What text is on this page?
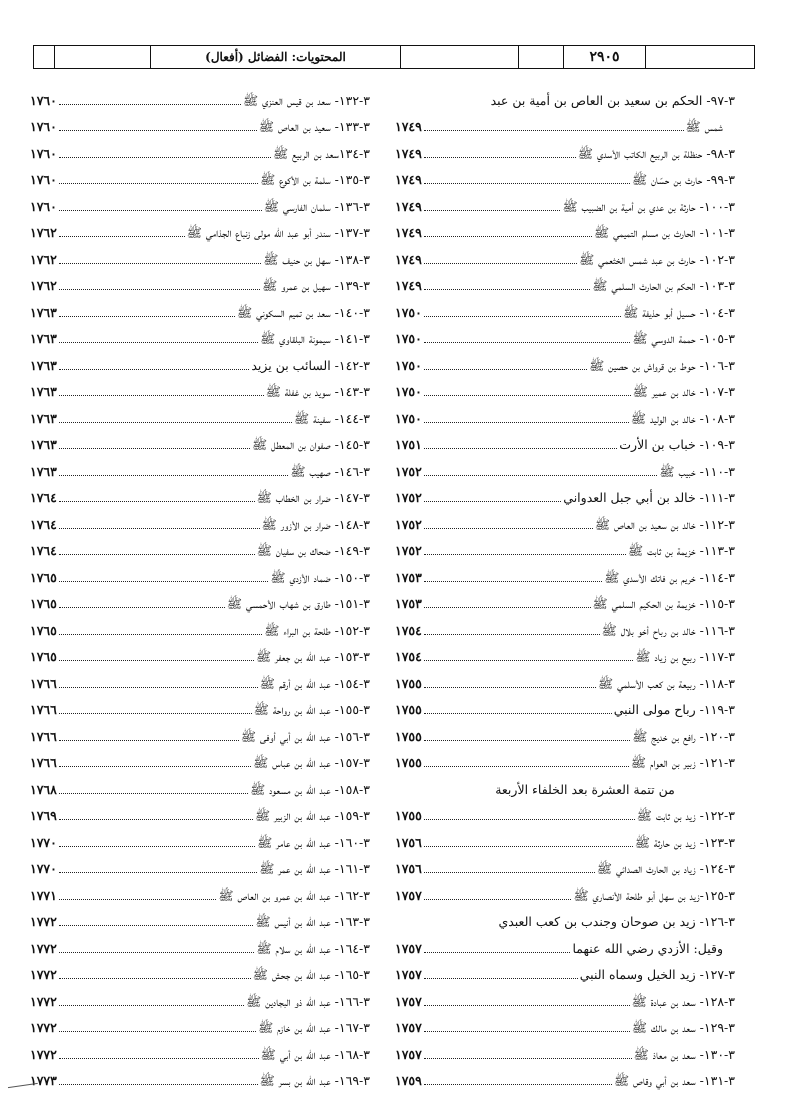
٢٩٠٥
المحتويات: الفضائل (أفعال)
٣-٩٧- الحكم بن سعيد بن العاص بن أمية بن عبد
شمس ﷺ
١٧٤٩
٣-٩٨- حنظلة بن الربيع الكاتب الأسدي ﷺ
١٧٤٩
٣-٩٩- حارث بن حسّان ﷺ
١٧٤٩
٣-١٠٠- حارثة بن عدي بن أمية بن الضبيب ﷺ
١٧٤٩
٣-١٠١- الحارث بن مسلم التميمي ﷺ
١٧٤٩
٣-١٠٢- حارث بن عبد شمس الخثعمي ﷺ
١٧٤٩
٣-١٠٣- الحكم بن الحارث السلمي ﷺ
١٧٤٩
٣-١٠٤- حسيل أبو حذيفة ﷺ
١٧٥٠
٣-١٠٥- حممة الدوسي ﷺ
١٧٥٠
٣-١٠٦- حوط بن قرواش بن حصين ﷺ
١٧٥٠
٣-١٠٧- خالد بن عمير ﷺ
١٧٥٠
٣-١٠٨- خالد بن الوليد ﷺ
١٧٥٠
٣-١٠٩- خباب بن الأرت
١٧٥١
٣-١١٠- خبيب ﷺ
١٧٥٢
٣-١١١- خالد بن أبي جبل العدواني
١٧٥٢
٣-١١٢- خالد بن سعيد بن العاص ﷺ
١٧٥٢
٣-١١٣- خزيمة بن ثابت ﷺ
١٧٥٢
٣-١١٤- خريم بن فاتك الأسدي ﷺ
١٧٥٣
٣-١١٥- خزيمة بن الحكيم السلمي ﷺ
١٧٥٣
٣-١١٦- خالد بن رباح أخو بلال ﷺ
١٧٥٤
٣-١١٧- ربيع بن زياد ﷺ
١٧٥٤
٣-١١٨- ربيعة بن كعب الأسلمي ﷺ
١٧٥٥
٣-١١٩- رباح مولى النبي
١٧٥٥
٣-١٢٠- رافع بن خديج ﷺ
١٧٥٥
٣-١٢١- زبير بن العوام ﷺ
١٧٥٥
من تتمة العشرة بعد الخلفاء الأربعة
٣-١٢٢- زيد بن ثابت ﷺ
١٧٥٥
٣-١٢٣- زيد بن حارثة ﷺ
١٧٥٦
٣-١٢٤- زياد بن الحارث الصدائي ﷺ
١٧٥٦
٣-١٢٥-زيد بن سهل أبو طلحة الأنصاري ﷺ
١٧٥٧
٣-١٢٦- زيد بن صوحان وجندب بن كعب العبدي
وقيل: الأزدي رضي الله عنهما
١٧٥٧
٣-١٢٧- زيد الخيل وسماه النبي
١٧٥٧
٣-١٢٨- سعد بن عبادة ﷺ
١٧٥٧
٣-١٢٩- سعد بن مالك ﷺ
١٧٥٧
٣-١٣٠- سعد بن معاذ ﷺ
١٧٥٧
٣-١٣١- سعد بن أبي وقاص ﷺ
١٧٥٩
٣-١٣٢- سعد بن قيس العنزي ﷺ
١٧٦٠
٣-١٣٣- سعيد بن العاص ﷺ
١٧٦٠
٣-١٣٤سعد بن الربيع ﷺ
١٧٦٠
٣-١٣٥- سلمة بن الأكوع ﷺ
١٧٦٠
٣-١٣٦- سلمان الفارسي ﷺ
١٧٦٠
٣-١٣٧- سندر أبو عبد الله مولى زنباع الجذامي ﷺ
١٧٦٢
٣-١٣٨- سهل بن حنيف ﷺ
١٧٦٢
٣-١٣٩- سهيل بن عمرو ﷺ
١٧٦٢
٣-١٤٠- سعد بن تميم السكوني ﷺ
١٧٦٣
٣-١٤١- سيمونة البلقاوي ﷺ
١٧٦٣
٣-١٤٢- السائب بن يزيد
١٧٦٣
٣-١٤٣- سويد بن غفلة ﷺ
١٧٦٣
٣-١٤٤- سفينة ﷺ
١٧٦٣
٣-١٤٥- صفوان بن المعطل ﷺ
١٧٦٣
٣-١٤٦- صهيب ﷺ
١٧٦٣
٣-١٤٧- ضرار بن الخطاب ﷺ
١٧٦٤
٣-١٤٨- ضرار بن الأزور ﷺ
١٧٦٤
٣-١٤٩- ضحاك بن سفيان ﷺ
١٧٦٤
٣-١٥٠- ضماد الأزدي ﷺ
١٧٦٥
٣-١٥١- طارق بن شهاب الأحمسي ﷺ
١٧٦٥
٣-١٥٢- طلحة بن البراء ﷺ
١٧٦٥
٣-١٥٣- عبد الله بن جعفر ﷺ
١٧٦٥
٣-١٥٤- عبد الله بن أرقم ﷺ
١٧٦٦
٣-١٥٥- عبد الله بن رواحة ﷺ
١٧٦٦
٣-١٥٦- عبد الله بن أبي أوفى ﷺ
١٧٦٦
٣-١٥٧- عبد الله بن عباس ﷺ
١٧٦٦
٣-١٥٨- عبد الله بن مسعود ﷺ
١٧٦٨
٣-١٥٩- عبد الله بن الزبير ﷺ
١٧٦٩
٣-١٦٠- عبد الله بن عامر ﷺ
١٧٧٠
٣-١٦١- عبد الله بن عمر ﷺ
١٧٧٠
٣-١٦٢- عبد الله بن عمرو بن العاص ﷺ
١٧٧١
٣-١٦٣- عبد الله بن أنيس ﷺ
١٧٧٢
٣-١٦٤- عبد الله بن سلام ﷺ
١٧٧٢
٣-١٦٥- عبد الله بن جحش ﷺ
١٧٧٢
٣-١٦٦- عبد الله ذو البجادين ﷺ
١٧٧٢
٣-١٦٧- عبد الله بن خازم ﷺ
١٧٧٢
٣-١٦٨- عبد الله بن أبي ﷺ
١٧٧٢
٣-١٦٩- عبد الله بن بسر ﷺ
١٧٧٣
